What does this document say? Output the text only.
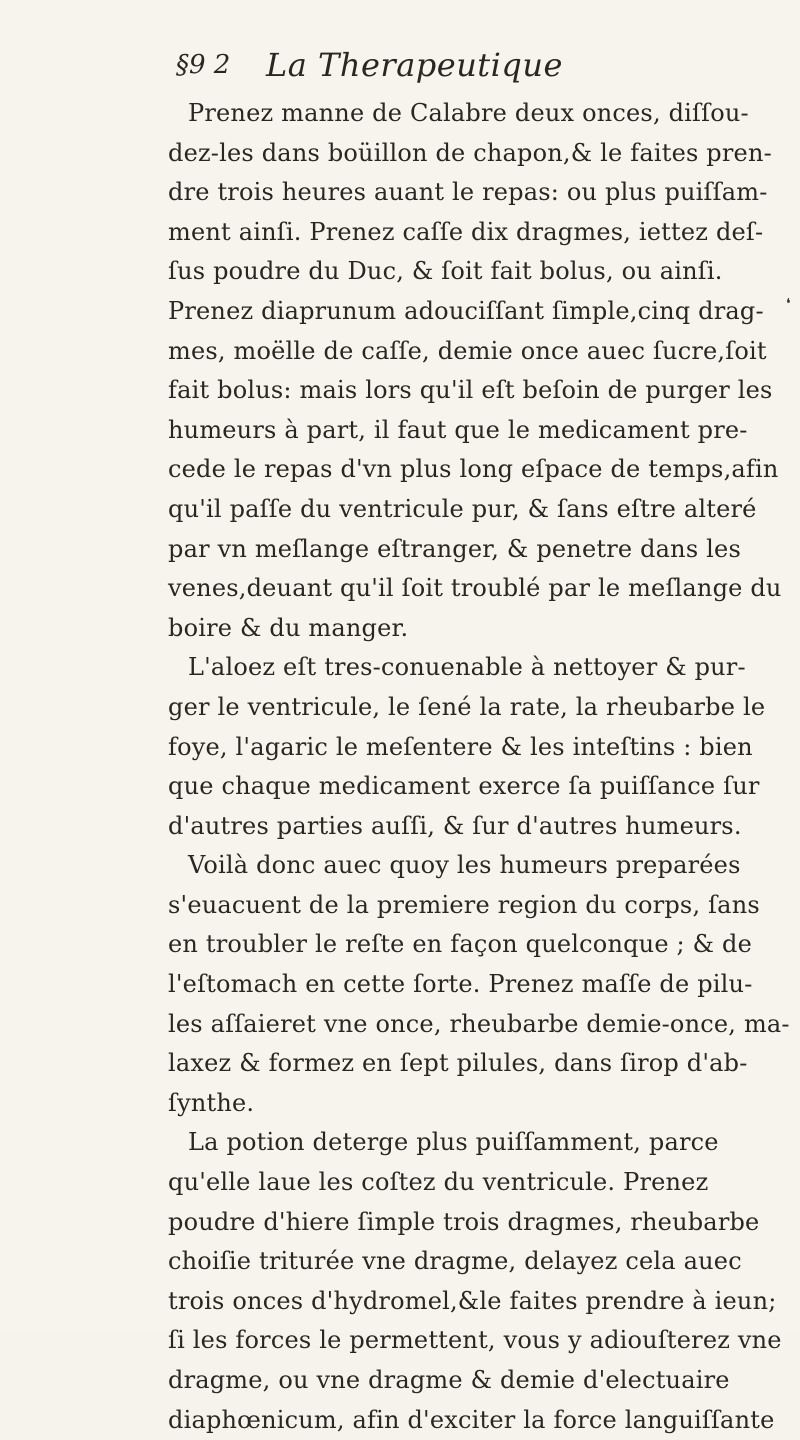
§9 2 La Therapeutique
❛
Prenez manne de Calabre deux onces, diſſou-
dez-les dans boüillon de chapon,& le faites pren-
dre trois heures auant le repas: ou plus puiſſam-
ment ainſi. Prenez caſſe dix dragmes, iettez deſ-
ſus poudre du Duc, & ſoit fait bolus, ou ainſi.
Prenez diaprunum adouciſſant ſimple,cinq drag-
mes, moëlle de caſſe, demie once auec ſucre,ſoit
fait bolus: mais lors qu'il eſt beſoin de purger les
humeurs à part, il faut que le medicament pre-
cede le repas d'vn plus long eſpace de temps,afin
qu'il paſſe du ventricule pur, & ſans eſtre alteré
par vn meſlange eſtranger, & penetre dans les
venes,deuant qu'il ſoit troublé par le meſlange du
boire & du manger.
L'aloez eſt tres-conuenable à nettoyer & pur-
ger le ventricule, le ſené la rate, la rheubarbe le
foye, l'agaric le meſentere & les inteſtins : bien
que chaque medicament exerce ſa puiſſance ſur
d'autres parties auſſi, & ſur d'autres humeurs.
Voilà donc auec quoy les humeurs preparées
s'euacuent de la premiere region du corps, ſans
en troubler le reſte en façon quelconque ; & de
l'eſtomach en cette ſorte. Prenez maſſe de pilu-
les aſſaieret vne once, rheubarbe demie-once, ma-
laxez & formez en ſept pilules, dans ſirop d'ab-
ſynthe.
La potion deterge plus puiſſamment, parce
qu'elle laue les coſtez du ventricule. Prenez
poudre d'hiere ſimple trois dragmes, rheubarbe
choiſie triturée vne dragme, delayez cela auec
trois onces d'hydromel,&le faites prendre à ieun;
ſi les forces le permettent, vous y adiouſterez vne
dragme, ou vne dragme & demie d'electuaire
diaphœnicum, afin d'exciter la force languiſſante
